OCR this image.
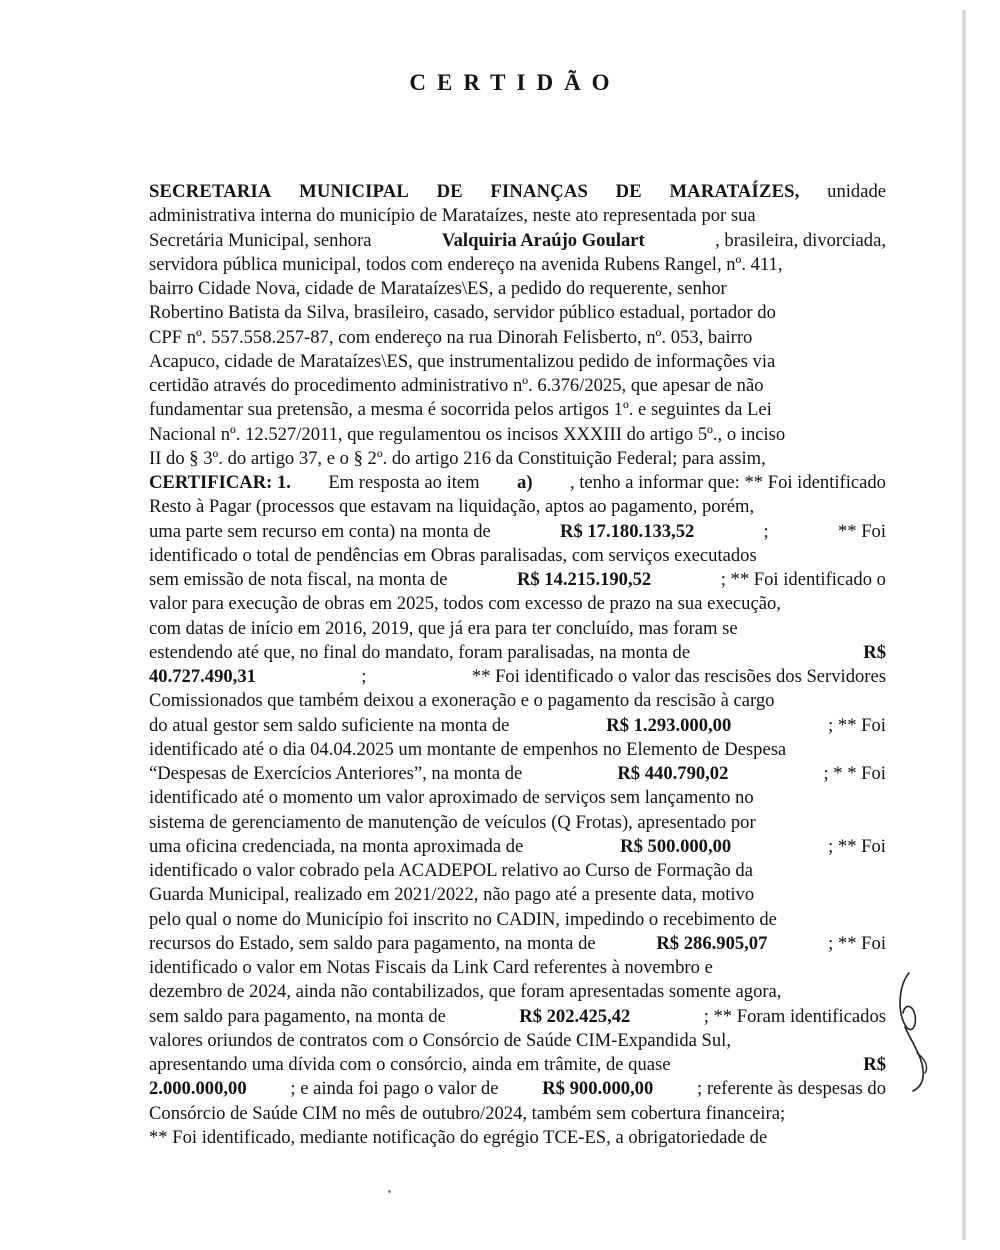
CERTIDÃO
SECRETARIA MUNICIPAL DE FINANÇAS DE MARATAÍZES, unidade
administrativa interna do município de Marataízes, neste ato representada por sua
Secretária Municipal, senhora	Valquiria Araújo Goulart	, brasileira, divorciada,
servidora pública municipal, todos com endereço na avenida Rubens Rangel, nº. 411,
bairro Cidade Nova, cidade de Marataízes\ES, a pedido do requerente, senhor
Robertino Batista da Silva, brasileiro, casado, servidor público estadual, portador do
CPF nº. 557.558.257-87, com endereço na rua Dinorah Felisberto, nº. 053, bairro
Acapuco, cidade de Marataízes\ES, que instrumentalizou pedido de informações via
certidão através do procedimento administrativo nº. 6.376/2025, que apesar de não
fundamentar sua pretensão, a mesma é socorrida pelos artigos 1º. e seguintes da Lei
Nacional nº. 12.527/2011, que regulamentou os incisos XXXIII do artigo 5º., o inciso
II do § 3º. do artigo 37, e o § 2º. do artigo 216 da Constituição Federal; para assim,
CERTIFICAR: 1. Em resposta ao item a) , tenho a informar que: ** Foi identificado
Resto à Pagar (processos que estavam na liquidação, aptos ao pagamento, porém,
uma parte sem recurso em conta) na monta de	R$ 17.180.133,52	;	** Foi
identificado o total de pendências em Obras paralisadas, com serviços executados
sem emissão de nota fiscal, na monta de	R$ 14.215.190,52	; ** Foi identificado o
valor para execução de obras em 2025, todos com excesso de prazo na sua execução,
com datas de início em 2016, 2019, que já era para ter concluído, mas foram se
estendendo até que, no final do mandato, foram paralisadas, na monta de	R$
40.727.490,31	;	** Foi identificado o valor das rescisões dos Servidores
Comissionados que também deixou a exoneração e o pagamento da rescisão à cargo
do atual gestor sem saldo suficiente na monta de	R$ 1.293.000,00	; ** Foi
identificado até o dia 04.04.2025 um montante de empenhos no Elemento de Despesa
“Despesas de Exercícios Anteriores”, na monta de	R$ 440.790,02	; * * Foi
identificado até o momento um valor aproximado de serviços sem lançamento no
sistema de gerenciamento de manutenção de veículos (Q Frotas), apresentado por
uma oficina credenciada, na monta aproximada de	R$ 500.000,00	; ** Foi
identificado o valor cobrado pela ACADEPOL relativo ao Curso de Formação da
Guarda Municipal, realizado em 2021/2022, não pago até a presente data, motivo
pelo qual o nome do Município foi inscrito no CADIN, impedindo o recebimento de
recursos do Estado, sem saldo para pagamento, na monta de	R$ 286.905,07	; ** Foi
identificado o valor em Notas Fiscais da Link Card referentes à novembro e
dezembro de 2024, ainda não contabilizados, que foram apresentadas somente agora,
sem saldo para pagamento, na monta de	R$ 202.425,42	; ** Foram identificados
valores oriundos de contratos com o Consórcio de Saúde CIM-Expandida Sul,
apresentando uma dívida com o consórcio, ainda em trâmite, de quase	R$
2.000.000,00 ; e ainda foi pago o valor de R$ 900.000,00 ; referente às despesas do
Consórcio de Saúde CIM no mês de outubro/2024, também sem cobertura financeira;
** Foi identificado, mediante notificação do egrégio TCE-ES, a obrigatoriedade de
